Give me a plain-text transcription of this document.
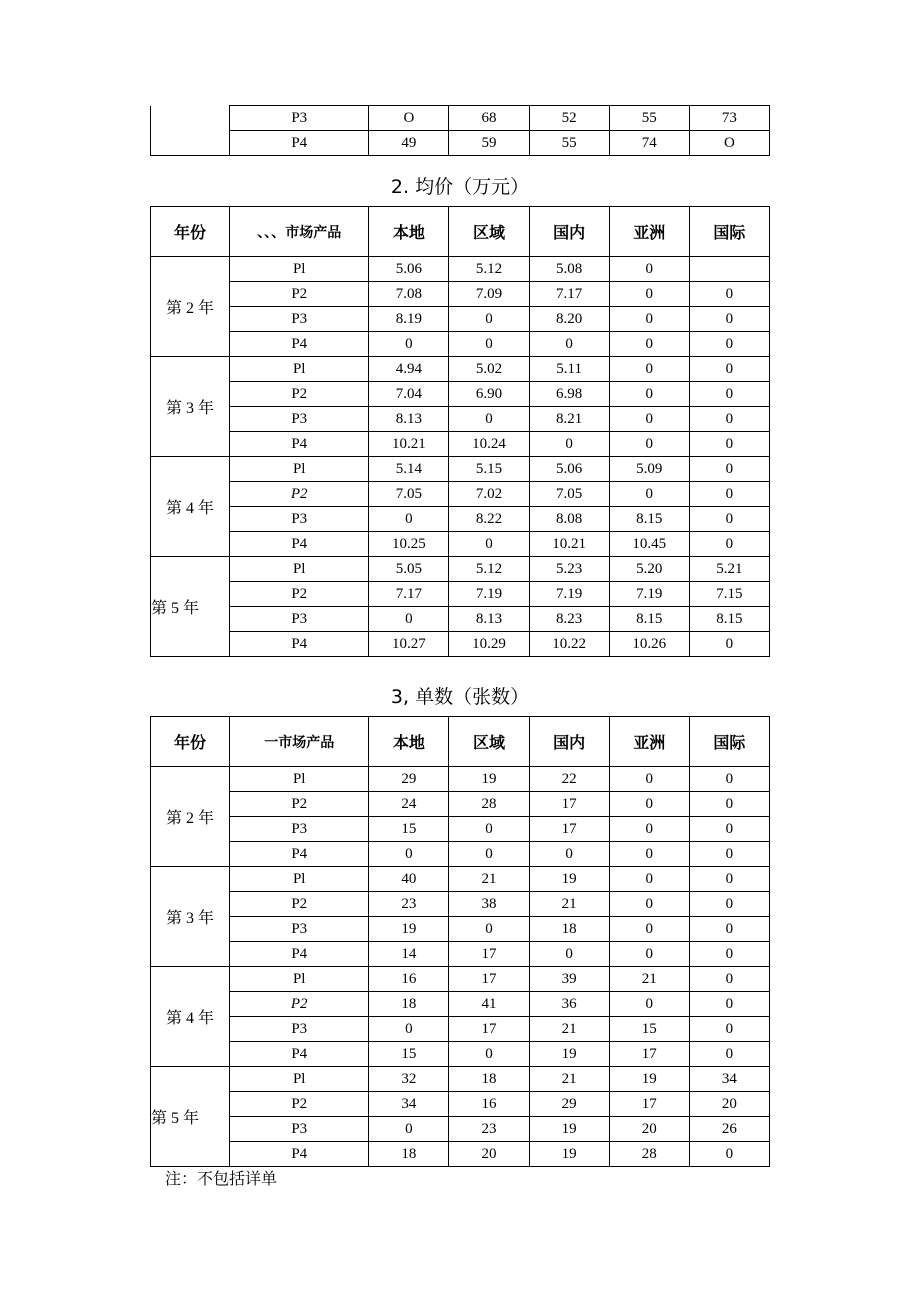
	P3	O	68	52	55	73
	P4	49	59	55	74	O
2. 均价（万元）
年份	、、、市场产品	本地	区域	国内	亚洲	国际
第 2 年	Pl	5.06	5.12	5.08	0	
	P2	7.08	7.09	7.17	0	0
	P3	8.19	0	8.20	0	0
	P4	0	0	0	0	0
第 3 年	Pl	4.94	5.02	5.11	0	0
	P2	7.04	6.90	6.98	0	0
	P3	8.13	0	8.21	0	0
	P4	10.21	10.24	0	0	0
第 4 年	Pl	5.14	5.15	5.06	5.09	0
	P2	7.05	7.02	7.05	0	0
	P3	0	8.22	8.08	8.15	0
	P4	10.25	0	10.21	10.45	0
第 5 年	Pl	5.05	5.12	5.23	5.20	5.21
	P2	7.17	7.19	7.19	7.19	7.15
	P3	0	8.13	8.23	8.15	8.15
	P4	10.27	10.29	10.22	10.26	0
3, 单数（张数）
年份	一市场产品	本地	区域	国内	亚洲	国际
第 2 年	Pl	29	19	22	0	0
	P2	24	28	17	0	0
	P3	15	0	17	0	0
	P4	0	0	0	0	0
第 3 年	Pl	40	21	19	0	0
	P2	23	38	21	0	0
	P3	19	0	18	0	0
	P4	14	17	0	0	0
第 4 年	Pl	16	17	39	21	0
	P2	18	41	36	0	0
	P3	0	17	21	15	0
	P4	15	0	19	17	0
第 5 年	Pl	32	18	21	19	34
	P2	34	16	29	17	20
	P3	0	23	19	20	26
	P4	18	20	19	28	0
注：不包括详单
